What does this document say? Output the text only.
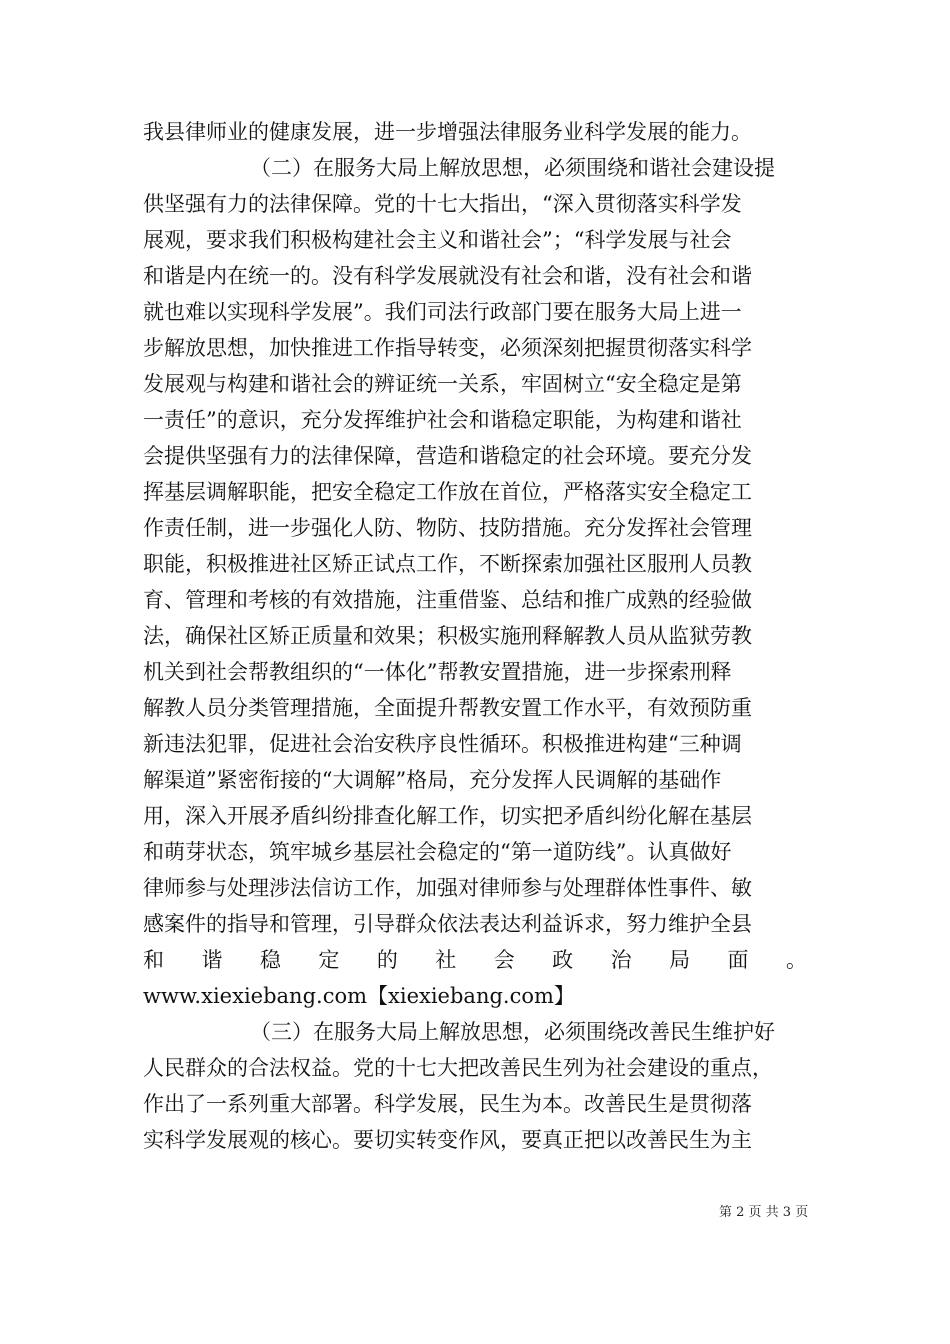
我县律师业的健康发展，进一步增强法律服务业科学发展的能力。
（二）在服务大局上解放思想，必须围绕和谐社会建设提
供坚强有力的法律保障。党的十七大指出，“深入贯彻落实科学发
展观，要求我们积极构建社会主义和谐社会”；“科学发展与社会
和谐是内在统一的。没有科学发展就没有社会和谐，没有社会和谐
就也难以实现科学发展”。我们司法行政部门要在服务大局上进一
步解放思想，加快推进工作指导转变，必须深刻把握贯彻落实科学
发展观与构建和谐社会的辨证统一关系，牢固树立“安全稳定是第
一责任”的意识，充分发挥维护社会和谐稳定职能，为构建和谐社
会提供坚强有力的法律保障，营造和谐稳定的社会环境。要充分发
挥基层调解职能，把安全稳定工作放在首位，严格落实安全稳定工
作责任制，进一步强化人防、物防、技防措施。充分发挥社会管理
职能，积极推进社区矫正试点工作，不断探索加强社区服刑人员教
育、管理和考核的有效措施，注重借鉴、总结和推广成熟的经验做
法，确保社区矫正质量和效果；积极实施刑释解教人员从监狱劳教
机关到社会帮教组织的“一体化”帮教安置措施，进一步探索刑释
解教人员分类管理措施，全面提升帮教安置工作水平，有效预防重
新违法犯罪，促进社会治安秩序良性循环。积极推进构建“三种调
解渠道”紧密衔接的“大调解”格局，充分发挥人民调解的基础作
用，深入开展矛盾纠纷排查化解工作，切实把矛盾纠纷化解在基层
和萌芽状态，筑牢城乡基层社会稳定的“第一道防线”。认真做好
律师参与处理涉法信访工作，加强对律师参与处理群体性事件、敏
感案件的指导和管理，引导群众依法表达利益诉求，努力维护全县
和谐稳定的社会政治局面。
www.xiexiebang.com【xiexiebang.com】
（三）在服务大局上解放思想，必须围绕改善民生维护好
人民群众的合法权益。党的十七大把改善民生列为社会建设的重点，
作出了一系列重大部署。科学发展，民生为本。改善民生是贯彻落
实科学发展观的核心。要切实转变作风，要真正把以改善民生为主
第 2 页 共 3 页
